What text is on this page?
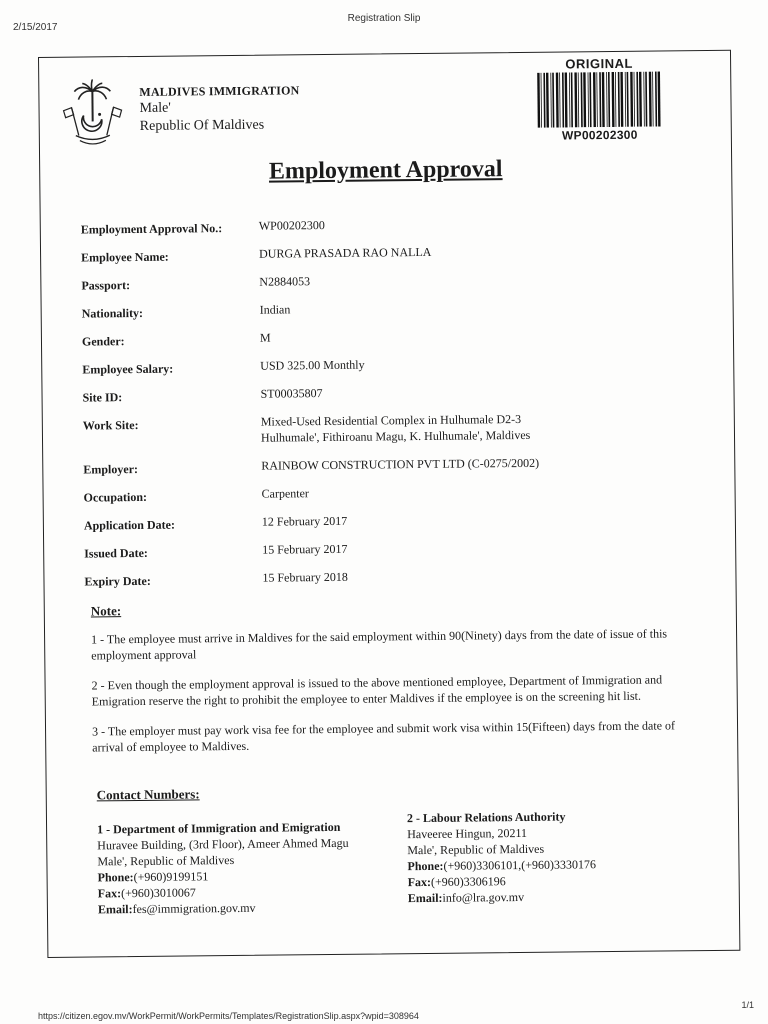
2/15/2017
Registration Slip
MALDIVES IMMIGRATION
Male'
Republic Of Maldives
ORIGINAL
WP00202300
Employment Approval
Employment Approval No.:	WP00202300
Employee Name:	DURGA PRASADA RAO NALLA
Passport:	N2884053
Nationality:	Indian
Gender:	M
Employee Salary:	USD 325.00 Monthly
Site ID:	ST00035807
Work Site:	Mixed-Used Residential Complex in Hulhumale D2-3
Hulhumale', Fithiroanu Magu, K. Hulhumale', Maldives
Employer:	RAINBOW CONSTRUCTION PVT LTD (C-0275/2002)
Occupation:	Carpenter
Application Date:	12 February 2017
Issued Date:	15 February 2017
Expiry Date:	15 February 2018
Note:

1 - The employee must arrive in Maldives for the said employment within 90(Ninety) days from the date of issue of this employment approval

2 - Even though the employment approval is issued to the above mentioned employee, Department of Immigration and Emigration reserve the right to prohibit the employee to enter Maldives if the employee is on the screening hit list.

3 - The employer must pay work visa fee for the employee and submit work visa within 15(Fifteen) days from the date of arrival of employee to Maldives.

Contact Numbers:
1 - Department of Immigration and Emigration
Huravee Building, (3rd Floor), Ameer Ahmed Magu
Male', Republic of Maldives
Phone:(+960)9199151
Fax:(+960)3010067
Email:fes@immigration.gov.mv
2 - Labour Relations Authority
Haveeree Hingun, 20211
Male', Republic of Maldives
Phone:(+960)3306101,(+960)3330176
Fax:(+960)3306196
Email:info@lra.gov.mv
https://citizen.egov.mv/WorkPermit/WorkPermits/Templates/RegistrationSlip.aspx?wpid=308964
1/1
